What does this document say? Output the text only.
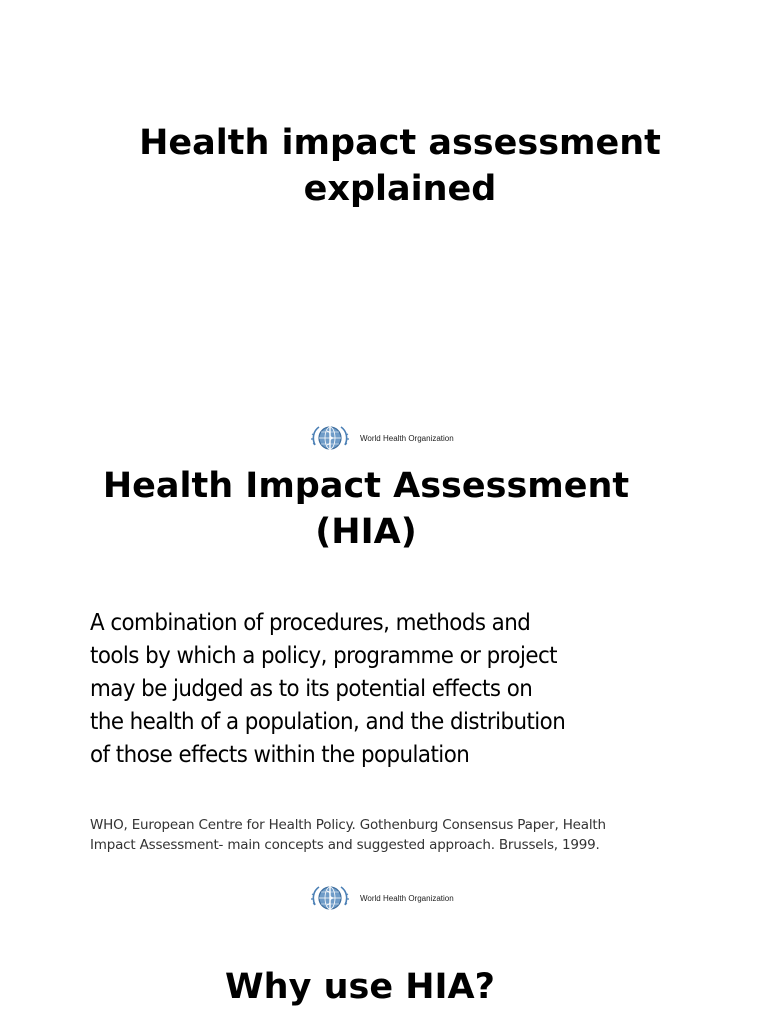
Health impact assessment
explained
World Health Organization
Health Impact Assessment
(HIA)

A combination of procedures, methods and
tools by which a policy, programme or project
may be judged as to its potential effects on
the health of a population, and the distribution
of those effects within the population

WHO, European Centre for Health Policy. Gothenburg Consensus Paper, Health
Impact Assessment- main concepts and suggested approach. Brussels, 1999.

World Health Organization
Why use HIA?
